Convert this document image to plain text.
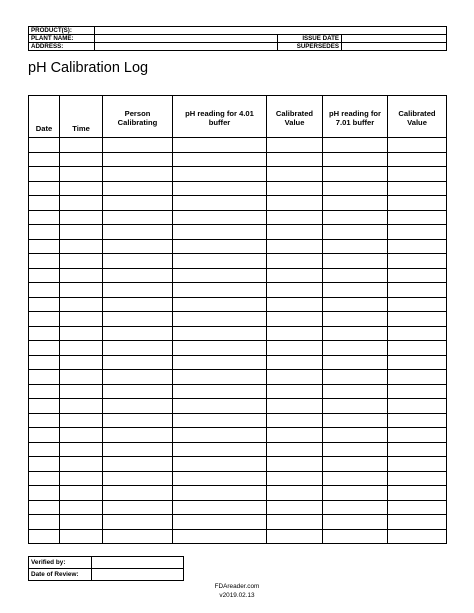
PRODUCT(S):			
PLANT NAME:		ISSUE DATE	
ADDRESS:		SUPERSEDES	
pH Calibration Log
Date	Time	Person Calibrating	pH reading for 4.01 buffer	Calibrated Value	pH reading for 7.01 buffer	Calibrated Value

Verified by:	
Date of Review:	
FDAreader.com
v2019.02.13
